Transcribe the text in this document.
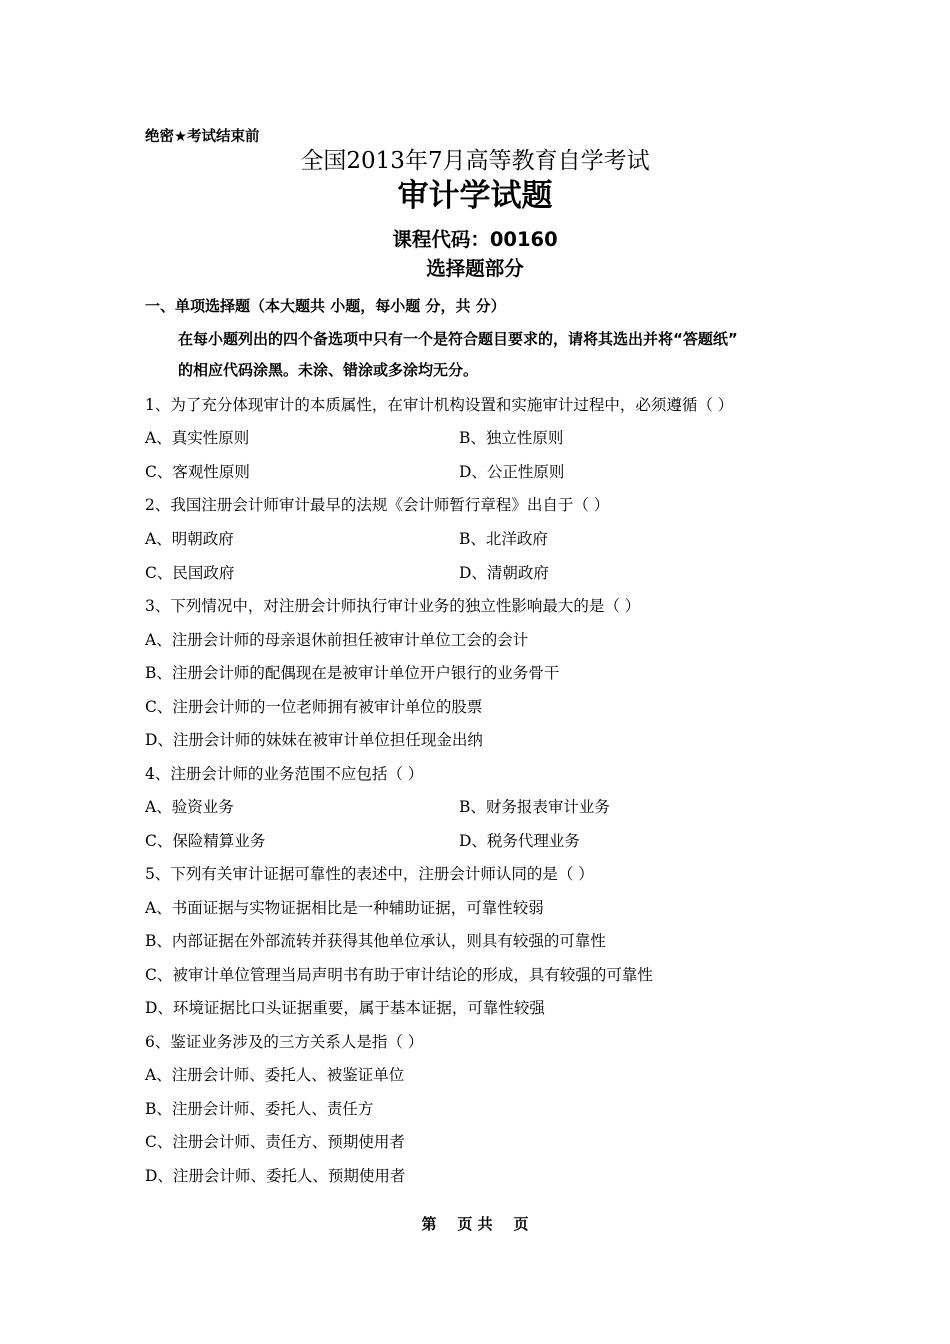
绝密★考试结束前
全国2013年7月高等教育自学考试
审计学试题
课程代码：00160
选择题部分
一、单项选择题（本大题共 小题，每小题 分，共 分）
在每小题列出的四个备选项中只有一个是符合题目要求的，请将其选出并将“答题纸”
的相应代码涂黑。未涂、错涂或多涂均无分。
1、为了充分体现审计的本质属性，在审计机构设置和实施审计过程中，必须遵循（ ）
A、真实性原则	B、独立性原则
C、客观性原则	D、公正性原则
2、我国注册会计师审计最早的法规《会计师暂行章程》出自于（ ）
A、明朝政府	B、北洋政府
C、民国政府	D、清朝政府
3、下列情况中，对注册会计师执行审计业务的独立性影响最大的是（ ）
A、注册会计师的母亲退休前担任被审计单位工会的会计
B、注册会计师的配偶现在是被审计单位开户银行的业务骨干
C、注册会计师的一位老师拥有被审计单位的股票
D、注册会计师的妹妹在被审计单位担任现金出纳
4、注册会计师的业务范围不应包括（ ）
A、验资业务	B、财务报表审计业务
C、保险精算业务	D、税务代理业务
5、下列有关审计证据可靠性的表述中，注册会计师认同的是（ ）
A、书面证据与实物证据相比是一种辅助证据，可靠性较弱
B、内部证据在外部流转并获得其他单位承认，则具有较强的可靠性
C、被审计单位管理当局声明书有助于审计结论的形成，具有较强的可靠性
D、环境证据比口头证据重要，属于基本证据，可靠性较强
6、鉴证业务涉及的三方关系人是指（ ）
A、注册会计师、委托人、被鉴证单位
B、注册会计师、委托人、责任方
C、注册会计师、责任方、预期使用者
D、注册会计师、委托人、预期使用者
第    页 共    页
